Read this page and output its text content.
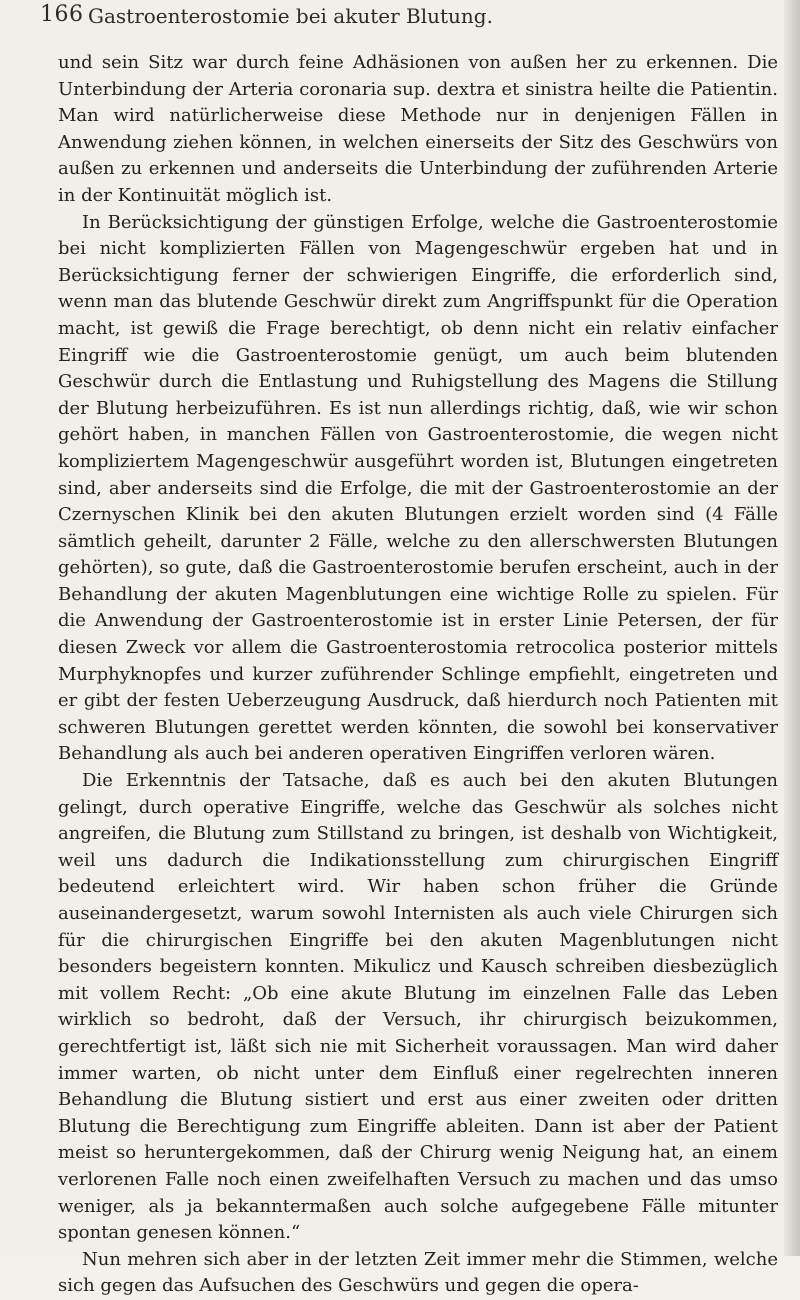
166 Gastroenterostomie bei akuter Blutung.

und sein Sitz war durch feine Adhäsionen von außen her zu erkennen. Die Unterbindung der Arteria coronaria sup. dextra et sinistra heilte die Patientin. Man wird natürlicherweise diese Methode nur in denjenigen Fällen in Anwendung ziehen können, in welchen einerseits der Sitz des Geschwürs von außen zu erkennen und anderseits die Unterbindung der zuführenden Arterie in der Kontinuität möglich ist.

In Berücksichtigung der günstigen Erfolge, welche die Gastroenterostomie bei nicht komplizierten Fällen von Magengeschwür ergeben hat und in Berücksichtigung ferner der schwierigen Eingriffe, die erforderlich sind, wenn man das blutende Geschwür direkt zum Angriffspunkt für die Operation macht, ist gewiß die Frage berechtigt, ob denn nicht ein relativ einfacher Eingriff wie die Gastroenterostomie genügt, um auch beim blutenden Geschwür durch die Entlastung und Ruhigstellung des Magens die Stillung der Blutung herbeizuführen. Es ist nun allerdings richtig, daß, wie wir schon gehört haben, in manchen Fällen von Gastroenterostomie, die wegen nicht kompliziertem Magengeschwür ausgeführt worden ist, Blutungen eingetreten sind, aber anderseits sind die Erfolge, die mit der Gastroenterostomie an der Czernyschen Klinik bei den akuten Blutungen erzielt worden sind (4 Fälle sämtlich geheilt, darunter 2 Fälle, welche zu den allerschwersten Blutungen gehörten), so gute, daß die Gastroenterostomie berufen erscheint, auch in der Behandlung der akuten Magenblutungen eine wichtige Rolle zu spielen. Für die Anwendung der Gastroenterostomie ist in erster Linie Petersen, der für diesen Zweck vor allem die Gastroenterostomia retrocolica posterior mittels Murphyknopfes und kurzer zuführender Schlinge empfiehlt, eingetreten und er gibt der festen Ueberzeugung Ausdruck, daß hierdurch noch Patienten mit schweren Blutungen gerettet werden könnten, die sowohl bei konservativer Behandlung als auch bei anderen operativen Eingriffen verloren wären.

Die Erkenntnis der Tatsache, daß es auch bei den akuten Blutungen gelingt, durch operative Eingriffe, welche das Geschwür als solches nicht angreifen, die Blutung zum Stillstand zu bringen, ist deshalb von Wichtigkeit, weil uns dadurch die Indikationsstellung zum chirurgischen Eingriff bedeutend erleichtert wird. Wir haben schon früher die Gründe auseinandergesetzt, warum sowohl Internisten als auch viele Chirurgen sich für die chirurgischen Eingriffe bei den akuten Magenblutungen nicht besonders begeistern konnten. Mikulicz und Kausch schreiben diesbezüglich mit vollem Recht: „Ob eine akute Blutung im einzelnen Falle das Leben wirklich so bedroht, daß der Versuch, ihr chirurgisch beizukommen, gerechtfertigt ist, läßt sich nie mit Sicherheit voraussagen. Man wird daher immer warten, ob nicht unter dem Einfluß einer regelrechten inneren Behandlung die Blutung sistiert und erst aus einer zweiten oder dritten Blutung die Berechtigung zum Eingriffe ableiten. Dann ist aber der Patient meist so heruntergekommen, daß der Chirurg wenig Neigung hat, an einem verlorenen Falle noch einen zweifelhaften Versuch zu machen und das umso weniger, als ja bekanntermaßen auch solche aufgegebene Fälle mitunter spontan genesen können.“

Nun mehren sich aber in der letzten Zeit immer mehr die Stimmen, welche sich gegen das Aufsuchen des Geschwürs und gegen die opera-
